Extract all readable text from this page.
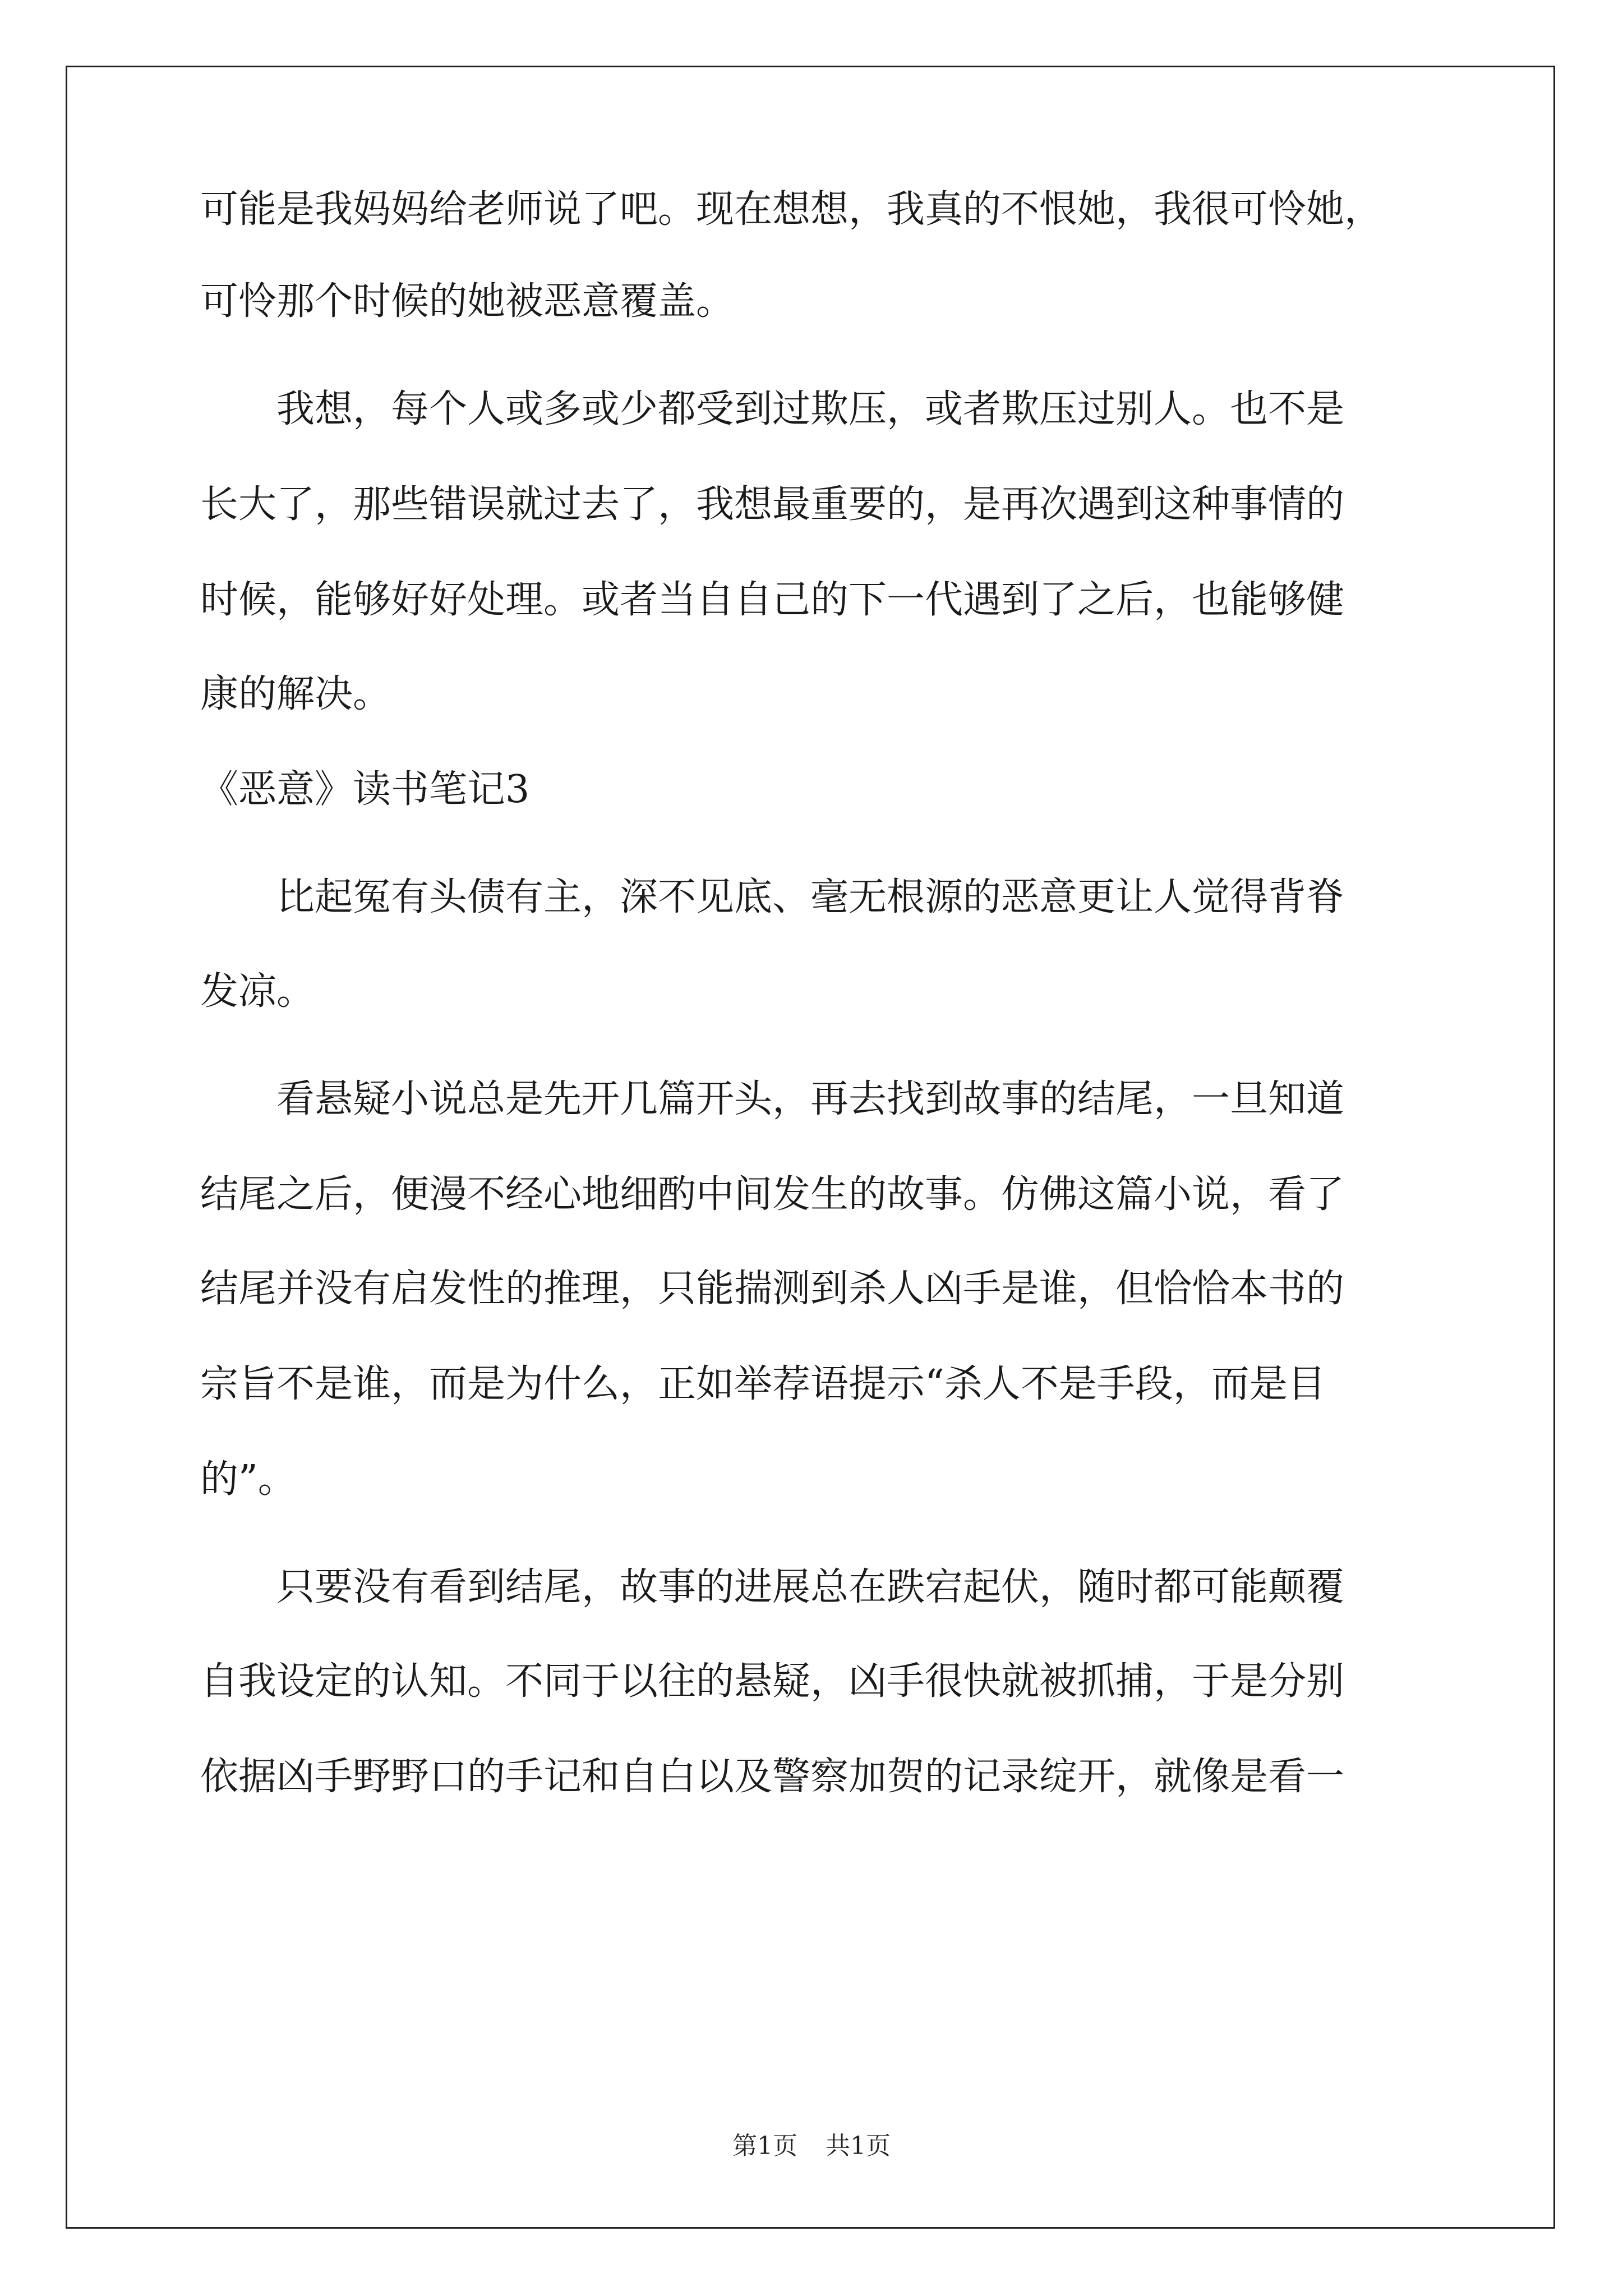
可能是我妈妈给老师说了吧。现在想想，我真的不恨她，我很可怜她，

可怜那个时候的她被恶意覆盖。

　　我想，每个人或多或少都受到过欺压，或者欺压过别人。也不是

长大了，那些错误就过去了，我想最重要的，是再次遇到这种事情的

时候，能够好好处理。或者当自自己的下一代遇到了之后，也能够健

康的解决。

《恶意》读书笔记3

　　比起冤有头债有主，深不见底、毫无根源的恶意更让人觉得背脊

发凉。

　　看悬疑小说总是先开几篇开头，再去找到故事的结尾，一旦知道

结尾之后，便漫不经心地细酌中间发生的故事。仿佛这篇小说，看了

结尾并没有启发性的推理，只能揣测到杀人凶手是谁，但恰恰本书的

宗旨不是谁，而是为什么，正如举荐语提示“杀人不是手段，而是目

的”。

　　只要没有看到结尾，故事的进展总在跌宕起伏，随时都可能颠覆

自我设定的认知。不同于以往的悬疑，凶手很快就被抓捕，于是分别

依据凶手野野口的手记和自白以及警察加贺的记录绽开，就像是看一

第1页 共1页
